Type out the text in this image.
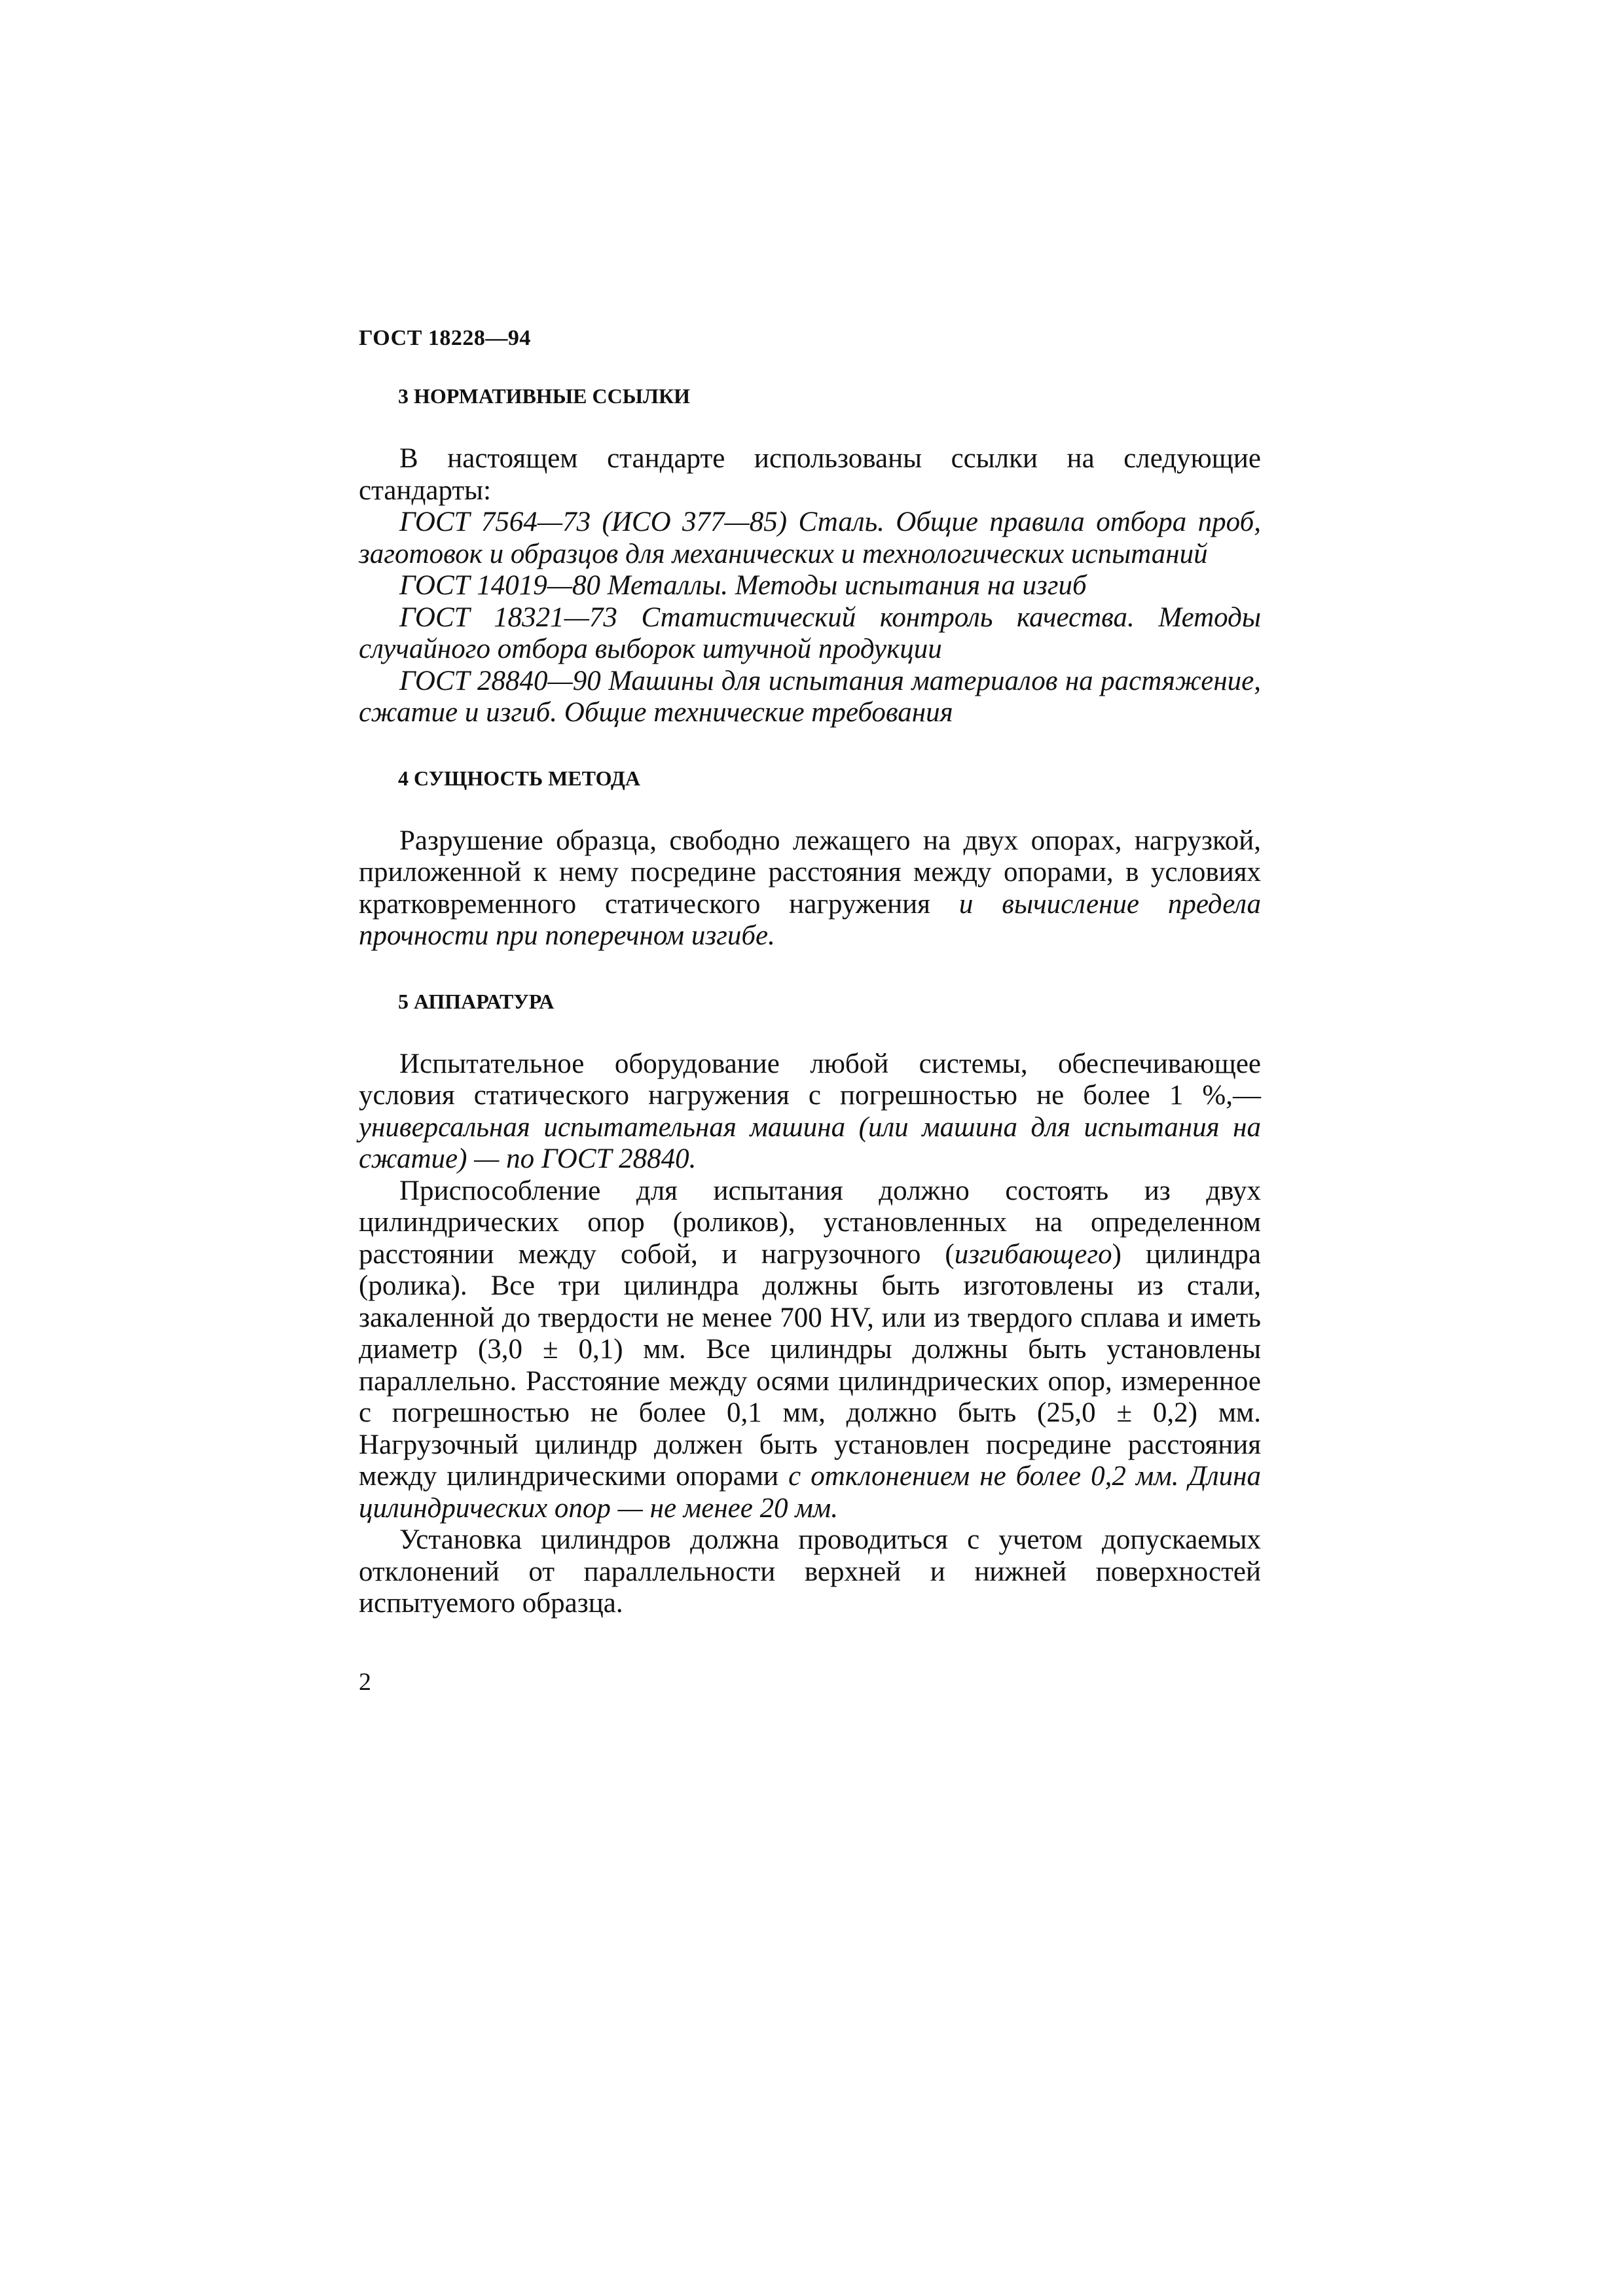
ГОСТ 18228—94
3 НОРМАТИВНЫЕ ССЫЛКИ

В настоящем стандарте использованы ссылки на следующие стандарты:

ГОСТ 7564—73 (ИСО 377—85) Сталь. Общие правила отбора проб, заготовок и образцов для механических и технологических испытаний

ГОСТ 14019—80 Металлы. Методы испытания на изгиб

ГОСТ 18321—73 Статистический контроль качества. Методы случайного отбора выборок штучной продукции

ГОСТ 28840—90 Машины для испытания материалов на растяжение, сжатие и изгиб. Общие технические требования

4 СУЩНОСТЬ МЕТОДА

Разрушение образца, свободно лежащего на двух опорах, нагрузкой, приложенной к нему посредине расстояния между опорами, в условиях кратковременного статического нагружения и вычисление предела прочности при поперечном изгибе.

5 АППАРАТУРА

Испытательное оборудование любой системы, обеспечивающее условия статического нагружения с погрешностью не более 1 %,— универсальная испытательная машина (или машина для испытания на сжатие) — по ГОСТ 28840.

Приспособление для испытания должно состоять из двух цилиндрических опор (роликов), установленных на определенном расстоянии между собой, и нагрузочного (изгибающего) цилиндра (ролика). Все три цилиндра должны быть изготовлены из стали, закаленной до твердости не менее 700 HV, или из твердого сплава и иметь диаметр (3,0 ± 0,1) мм. Все цилиндры должны быть установлены параллельно. Расстояние между осями цилиндрических опор, измеренное с погрешностью не более 0,1 мм, должно быть (25,0 ± 0,2) мм. Нагрузочный цилиндр должен быть установлен посредине расстояния между цилиндрическими опорами с отклонением не более 0,2 мм. Длина цилиндрических опор — не менее 20 мм.

Установка цилиндров должна проводиться с учетом допускаемых отклонений от параллельности верхней и нижней поверхностей испытуемого образца.

2
